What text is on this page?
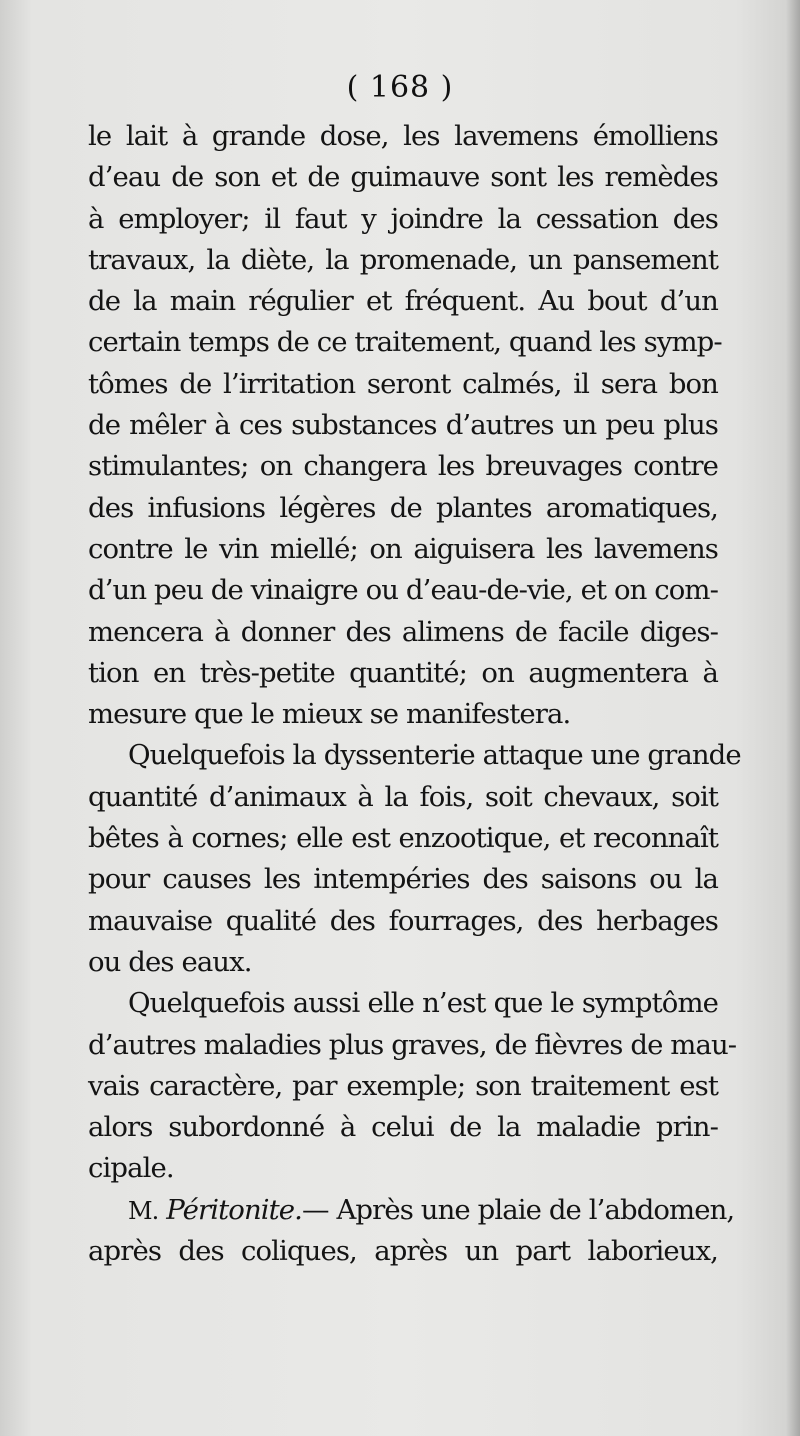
( 168 )
le lait à grande dose, les lavemens émolliens
d’eau de son et de guimauve sont les remèdes
à employer; il faut y joindre la cessation des
travaux, la diète, la promenade, un pansement
de la main régulier et fréquent. Au bout d’un
certain temps de ce traitement, quand les symp-
tômes de l’irritation seront calmés, il sera bon
de mêler à ces substances d’autres un peu plus
stimulantes; on changera les breuvages contre
des infusions légères de plantes aromatiques,
contre le vin miellé; on aiguisera les lavemens
d’un peu de vinaigre ou d’eau-de-vie, et on com-
mencera à donner des alimens de facile diges-
tion en très-petite quantité; on augmentera à
mesure que le mieux se manifestera.
Quelquefois la dyssenterie attaque une grande
quantité d’animaux à la fois, soit chevaux, soit
bêtes à cornes; elle est enzootique, et reconnaît
pour causes les intempéries des saisons ou la
mauvaise qualité des fourrages, des herbages
ou des eaux.
Quelquefois aussi elle n’est que le symptôme
d’autres maladies plus graves, de fièvres de mau-
vais caractère, par exemple; son traitement est
alors subordonné à celui de la maladie prin-
cipale.
M. Péritonite.— Après une plaie de l’abdomen,
après des coliques, après un part laborieux,
